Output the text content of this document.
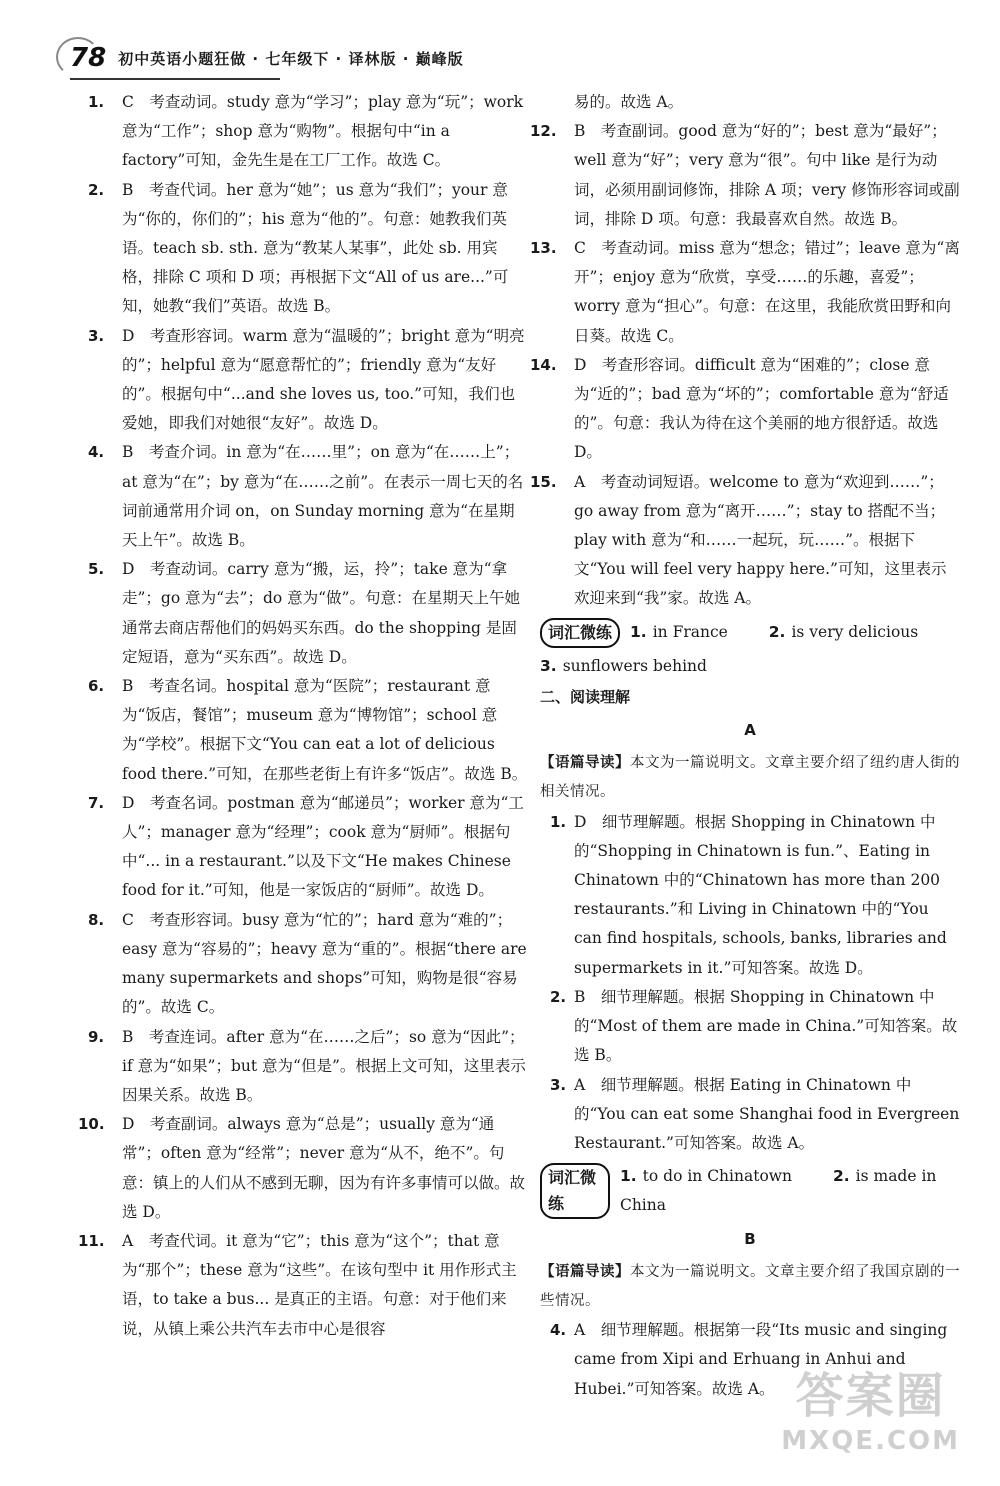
78 初中英语小题狂做 · 七年级下 · 译林版 · 巅峰版

1. C　考查动词。study 意为“学习”；play 意为“玩”；work 意为“工作”；shop 意为“购物”。根据句中“in a factory”可知，金先生是在工厂工作。故选 C。

2. B　考查代词。her 意为“她”；us 意为“我们”；your 意为“你的，你们的”；his 意为“他的”。句意：她教我们英语。teach sb. sth. 意为“教某人某事”，此处 sb. 用宾格，排除 C 项和 D 项；再根据下文“All of us are...”可知，她教“我们”英语。故选 B。

3. D　考查形容词。warm 意为“温暖的”；bright 意为“明亮的”；helpful 意为“愿意帮忙的”；friendly 意为“友好的”。根据句中“...and she loves us, too.”可知，我们也爱她，即我们对她很“友好”。故选 D。

4. B　考查介词。in 意为“在……里”；on 意为“在……上”；at 意为“在”；by 意为“在……之前”。在表示一周七天的名词前通常用介词 on，on Sunday morning 意为“在星期天上午”。故选 B。

5. D　考查动词。carry 意为“搬，运，拎”；take 意为“拿走”；go 意为“去”；do 意为“做”。句意：在星期天上午她通常去商店帮他们的妈妈买东西。do the shopping 是固定短语，意为“买东西”。故选 D。

6. B　考查名词。hospital 意为“医院”；restaurant 意为“饭店，餐馆”；museum 意为“博物馆”；school 意为“学校”。根据下文“You can eat a lot of delicious food there.”可知，在那些老街上有许多“饭店”。故选 B。

7. D　考查名词。postman 意为“邮递员”；worker 意为“工人”；manager 意为“经理”；cook 意为“厨师”。根据句中“... in a restaurant.”以及下文“He makes Chinese food for it.”可知，他是一家饭店的“厨师”。故选 D。

8. C　考查形容词。busy 意为“忙的”；hard 意为“难的”；easy 意为“容易的”；heavy 意为“重的”。根据“there are many supermarkets and shops”可知，购物是很“容易的”。故选 C。

9. B　考查连词。after 意为“在……之后”；so 意为“因此”；if 意为“如果”；but 意为“但是”。根据上文可知，这里表示因果关系。故选 B。

10. D　考查副词。always 意为“总是”；usually 意为“通常”；often 意为“经常”；never 意为“从不，绝不”。句意：镇上的人们从不感到无聊，因为有许多事情可以做。故选 D。

11. A　考查代词。it 意为“它”；this 意为“这个”；that 意为“那个”；these 意为“这些”。在该句型中 it 用作形式主语，to take a bus... 是真正的主语。句意：对于他们来说，从镇上乘公共汽车去市中心是很容

易的。故选 A。

12. B　考查副词。good 意为“好的”；best 意为“最好”；well 意为“好”；very 意为“很”。句中 like 是行为动词，必须用副词修饰，排除 A 项；very 修饰形容词或副词，排除 D 项。句意：我最喜欢自然。故选 B。

13. C　考查动词。miss 意为“想念；错过”；leave 意为“离开”；enjoy 意为“欣赏，享受……的乐趣，喜爱”；worry 意为“担心”。句意：在这里，我能欣赏田野和向日葵。故选 C。

14. D　考查形容词。difficult 意为“困难的”；close 意为“近的”；bad 意为“坏的”；comfortable 意为“舒适的”。句意：我认为待在这个美丽的地方很舒适。故选 D。

15. A　考查动词短语。welcome to 意为“欢迎到……”；go away from 意为“离开……”；stay to 搭配不当；play with 意为“和……一起玩，玩……”。根据下文“You will feel very happy here.”可知，这里表示欢迎来到“我”家。故选 A。

词汇微练	1. in France	2. is very delicious

3. sunflowers behind

二、阅读理解

A

【语篇导读】本文为一篇说明文。文章主要介绍了纽约唐人街的相关情况。

1. D　细节理解题。根据 Shopping in Chinatown 中的“Shopping in Chinatown is fun.”、Eating in Chinatown 中的“Chinatown has more than 200 restaurants.”和 Living in Chinatown 中的“You can find hospitals, schools, banks, libraries and supermarkets in it.”可知答案。故选 D。

2. B　细节理解题。根据 Shopping in Chinatown 中的“Most of them are made in China.”可知答案。故选 B。

3. A　细节理解题。根据 Eating in Chinatown 中的“You can eat some Shanghai food in Evergreen Restaurant.”可知答案。故选 A。

词汇微练
1. to do in Chinatown	2. is made in China

B

【语篇导读】本文为一篇说明文。文章主要介绍了我国京剧的一些情况。

4. A　细节理解题。根据第一段“Its music and singing came from Xipi and Erhuang in Anhui and Hubei.”可知答案。故选 A。 答案圈
MXQE.COM
